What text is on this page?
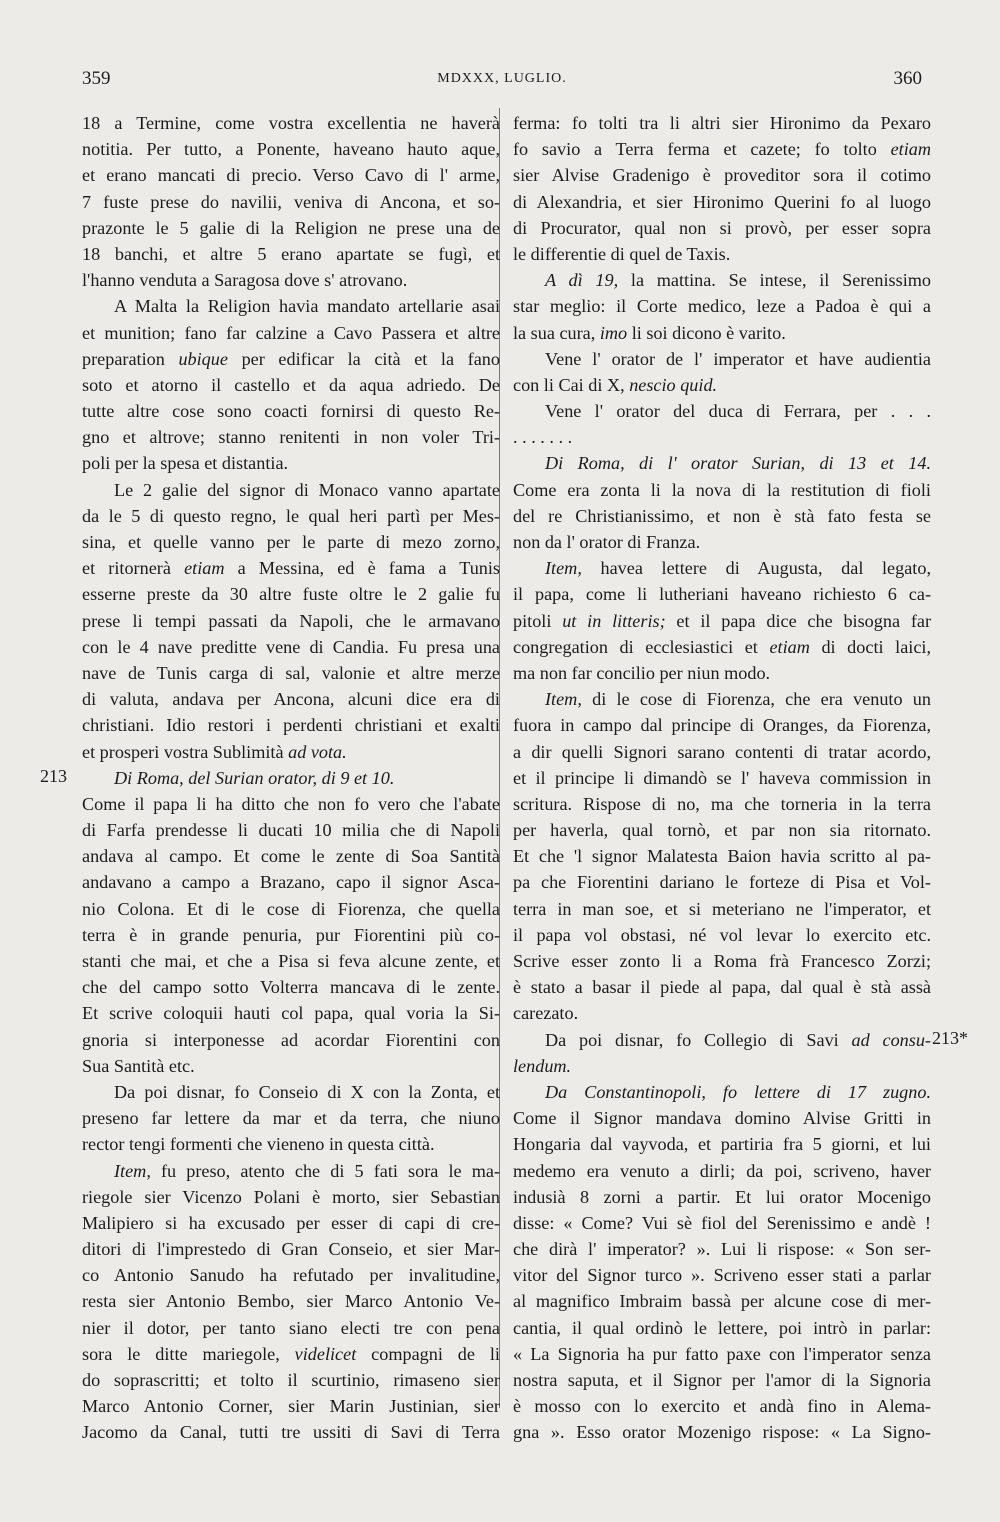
359	MDXXX, LUGLIO.	360
18 a Termine, come vostra excellentia ne haverà
notitia. Per tutto, a Ponente, haveano hauto aque,
et erano mancati di precio. Verso Cavo di l' arme,
7 fuste prese do navilii, veniva di Ancona, et so-
prazonte le 5 galie di la Religion ne prese una de
18 banchi, et altre 5 erano apartate se fugì, et
l'hanno venduta a Saragosa dove s' atrovano.
A Malta la Religion havia mandato artellarie asai
et munition; fano far calzine a Cavo Passera et altre
preparation ubique per edificar la cità et la fano
soto et atorno il castello et da aqua adriedo. De
tutte altre cose sono coacti fornirsi di questo Re-
gno et altrove; stanno renitenti in non voler Tri-
poli per la spesa et distantia.
Le 2 galie del signor di Monaco vanno apartate
da le 5 di questo regno, le qual heri partì per Mes-
sina, et quelle vanno per le parte di mezo zorno,
et ritornerà etiam a Messina, ed è fama a Tunis
esserne preste da 30 altre fuste oltre le 2 galie fu
prese li tempi passati da Napoli, che le armavano
con le 4 nave preditte vene di Candia. Fu presa una
nave de Tunis carga di sal, valonie et altre merze
di valuta, andava per Ancona, alcuni dice era di
christiani. Idio restori i perdenti christiani et exalti
et prosperi vostra Sublimità ad vota.
Di Roma, del Surian orator, di 9 et 10.
Come il papa li ha ditto che non fo vero che l'abate
di Farfa prendesse li ducati 10 milia che di Napoli
andava al campo. Et come le zente di Soa Santità
andavano a campo a Brazano, capo il signor Asca-
nio Colona. Et di le cose di Fiorenza, che quella
terra è in grande penuria, pur Fiorentini più co-
stanti che mai, et che a Pisa si feva alcune zente, et
che del campo sotto Volterra mancava di le zente.
Et scrive coloquii hauti col papa, qual voria la Si-
gnoria si interponesse ad acordar Fiorentini con
Sua Santità etc.
Da poi disnar, fo Conseio di X con la Zonta, et
preseno far lettere da mar et da terra, che niuno
rector tengi formenti che vieneno in questa città.
Item, fu preso, atento che di 5 fati sora le ma-
riegole sier Vicenzo Polani è morto, sier Sebastian
Malipiero si ha excusado per esser di capi di cre-
ditori di l'imprestedo di Gran Conseio, et sier Mar-
co Antonio Sanudo ha refutado per invalitudine,
resta sier Antonio Bembo, sier Marco Antonio Ve-
nier il dotor, per tanto siano electi tre con pena
sora le ditte mariegole, videlicet compagni de li
do soprascritti; et tolto il scurtinio, rimaseno sier
Marco Antonio Corner, sier Marin Justinian, sier
Jacomo da Canal, tutti tre ussiti di Savi di Terra
ferma: fo tolti tra li altri sier Hironimo da Pexaro
fo savio a Terra ferma et cazete; fo tolto etiam
sier Alvise Gradenigo è proveditor sora il cotimo
di Alexandria, et sier Hironimo Querini fo al luogo
di Procurator, qual non si provò, per esser sopra
le differentie di quel de Taxis.
A dì 19, la mattina. Se intese, il Serenissimo
star meglio: il Corte medico, leze a Padoa è qui a
la sua cura, imo li soi dicono è varito.
Vene l' orator de l' imperator et have audientia
con li Cai di X, nescio quid.
Vene l' orator del duca di Ferrara, per . . .
. . . . . . .
Di Roma, di l' orator Surian, di 13 et 14.
Come era zonta li la nova di la restitution di fioli
del re Christianissimo, et non è stà fato festa se
non da l' orator di Franza.
Item, havea lettere di Augusta, dal legato,
il papa, come li lutheriani haveano richiesto 6 ca-
pitoli ut in litteris; et il papa dice che bisogna far
congregation di ecclesiastici et etiam di docti laici,
ma non far concilio per niun modo.
Item, di le cose di Fiorenza, che era venuto un
fuora in campo dal principe di Oranges, da Fiorenza,
a dir quelli Signori sarano contenti di tratar acordo,
et il principe li dimandò se l' haveva commission in
scritura. Rispose di no, ma che torneria in la terra
per haverla, qual tornò, et par non sia ritornato.
Et che 'l signor Malatesta Baion havia scritto al pa-
pa che Fiorentini dariano le forteze di Pisa et Vol-
terra in man soe, et si meteriano ne l'imperator, et
il papa vol obstasi, né vol levar lo exercito etc.
Scrive esser zonto li a Roma frà Francesco Zorzi;
è stato a basar il piede al papa, dal qual è stà assà
carezato.
Da poi disnar, fo Collegio di Savi ad consu-
lendum.
Da Constantinopoli, fo lettere di 17 zugno.
Come il Signor mandava domino Alvise Gritti in
Hongaria dal vayvoda, et partiria fra 5 giorni, et lui
medemo era venuto a dirli; da poi, scriveno, haver
indusià 8 zorni a partir. Et lui orator Mocenigo
disse: « Come? Vui sè fiol del Serenissimo e andè !
che dirà l' imperator? ». Lui li rispose: « Son ser-
vitor del Signor turco ». Scriveno esser stati a parlar
al magnifico Imbraim bassà per alcune cose di mer-
cantia, il qual ordinò le lettere, poi intrò in parlar:
« La Signoria ha pur fatto paxe con l'imperator senza
nostra saputa, et il Signor per l'amor di la Signoria
è mosso con lo exercito et andà fino in Alema-
gna ». Esso orator Mozenigo rispose: « La Signo-
213
213*
